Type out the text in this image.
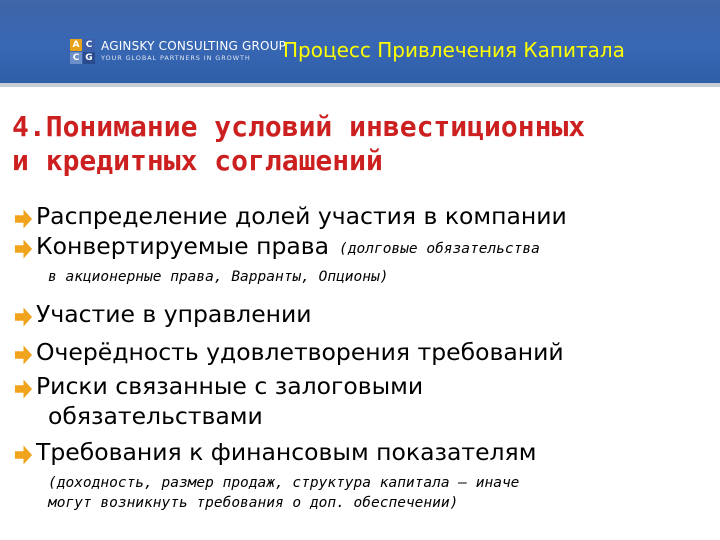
A C
C G
AGINSKY CONSULTING GROUP
YOUR GLOBAL PARTNERS IN GROWTH	Процесс Привлечения Капитала
4.Понимание условий инвестиционных
и кредитных соглашений
Распределение долей участия в компании
Конвертируемые права (долговые обязательства
в акционерные права, Варранты, Опционы)
Участие в управлении
Очерёдность удовлетворения требований
Риски связанные с залоговыми
обязательствами
Требования к финансовым показателям
(доходность, размер продаж, структура капитала – иначе
могут возникнуть требования о доп. обеспечении)
